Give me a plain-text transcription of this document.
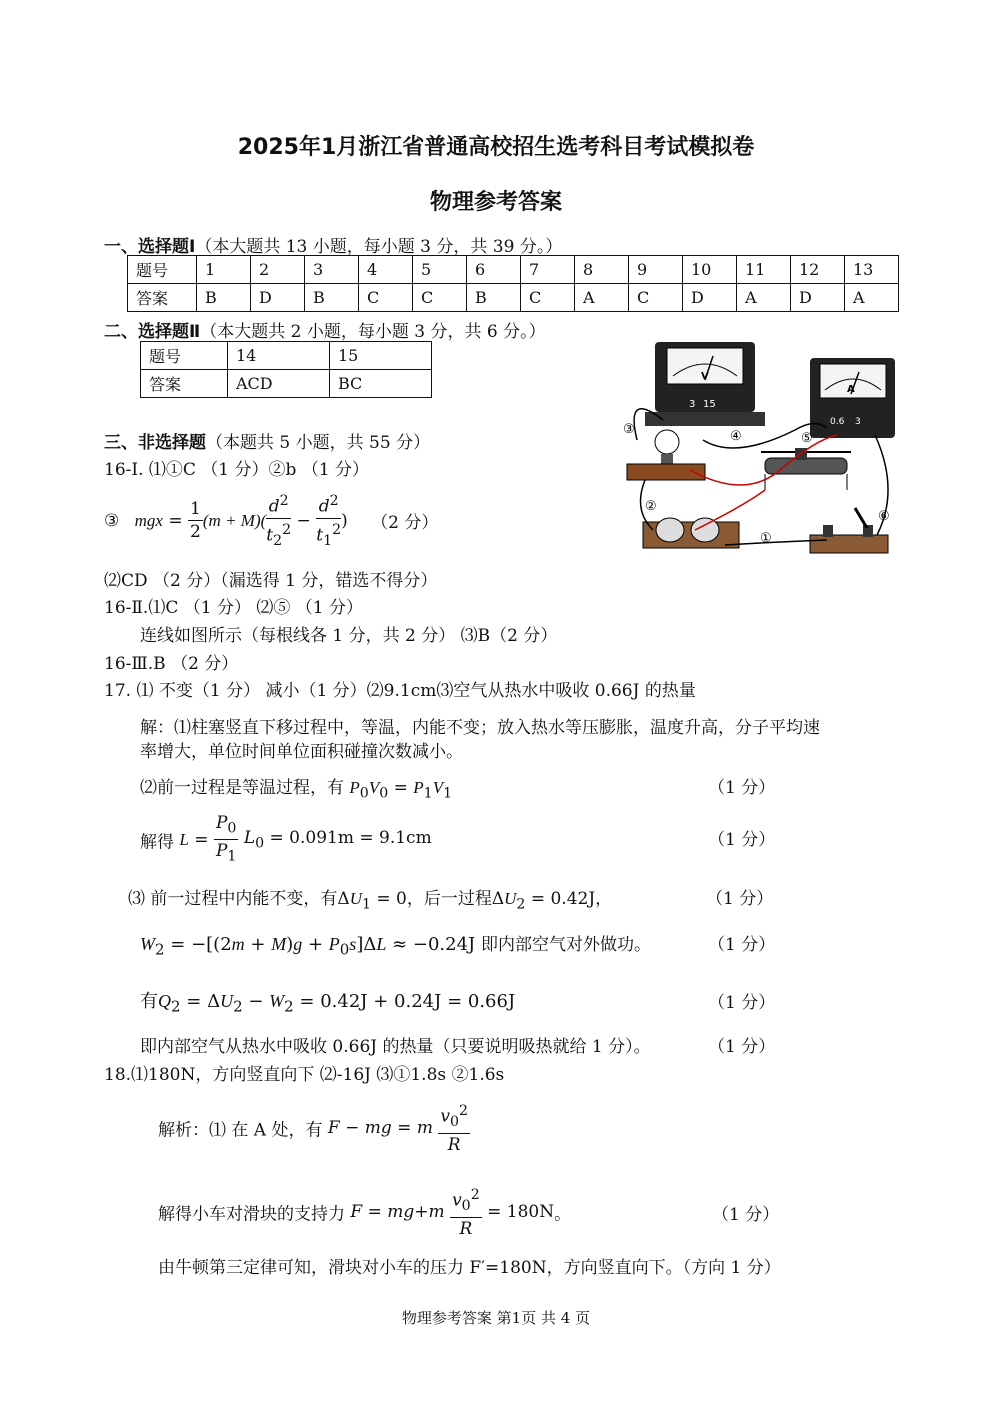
2025年1月浙江省普通高校招生选考科目考试模拟卷
物理参考答案
一、选择题Ⅰ（本大题共 13 小题，每小题 3 分，共 39 分。）
题号	1	2	3	4	5	6	7	8	9	10	11	12	13
答案	B	D	B	C	C	B	C	A	C	D	A	D	A
二、选择题Ⅱ（本大题共 2 小题，每小题 3 分，共 6 分。）
题号	14	15
答案	ACD	BC	V
3 15
A
0.6 3
③	④	⑤
②
①
⑥
三、非选择题（本题共 5 小题，共 55 分）
16-Ⅰ. ⑴①C （1 分）②b （1 分）
③ mgx = $\frac{1}{2} (m + M)( \frac{d^2}{t_2^2} - \frac{d^2}{t_1^2}$ ) （2 分）
⑵CD （2 分）（漏选得 1 分，错选不得分）
16-Ⅱ.⑴C （1 分） ⑵⑤ （1 分）
连线如图所示（每根线各 1 分，共 2 分） ⑶B（2 分）
16-Ⅲ.B （2 分）
17. ⑴ 不变（1 分） 减小（1 分）⑵9.1cm⑶空气从热水中吸收 0.66J 的热量
解：⑴柱塞竖直下移过程中，等温，内能不变；放入热水等压膨胀，温度升高，分子平均速
率增大，单位时间单位面积碰撞次数减小。
⑵前一过程是等温过程，有 $P_0V_0 = P_1V_1$	（1 分）
解得 $L = \frac{P_0}{P_1} L_0 = 0.091m = 9.1cm$	（1 分）
⑶ 前一过程中内能不变，有$\Delta U_1 = 0$，后一过程$\Delta U_2 = 0.42J$，	（1 分）
$W_2 = -[(2m + M)g + P_0s]\Delta L \approx -0.24J$ 即内部空气对外做功。	（1 分）
有$Q_2 = \Delta U_2 - W_2 = 0.42J + 0.24J = 0.66J$	（1 分）
即内部空气从热水中吸收 0.66J 的热量（只要说明吸热就给 1 分）。	（1 分）
18.⑴180N，方向竖直向下 ⑵-16J ⑶①1.8s ②1.6s
解析：⑴ 在 A 处，有 F − mg = m $\frac{v_0^2}{R}$
解得小车对滑块的支持力 $F = mg+m \frac{v_0^2}{R} = 180N$。	（1 分）
由牛顿第三定律可知，滑块对小车的压力 F′=180N，方向竖直向下。（方向 1 分）
物理参考答案 第1页 共 4 页
